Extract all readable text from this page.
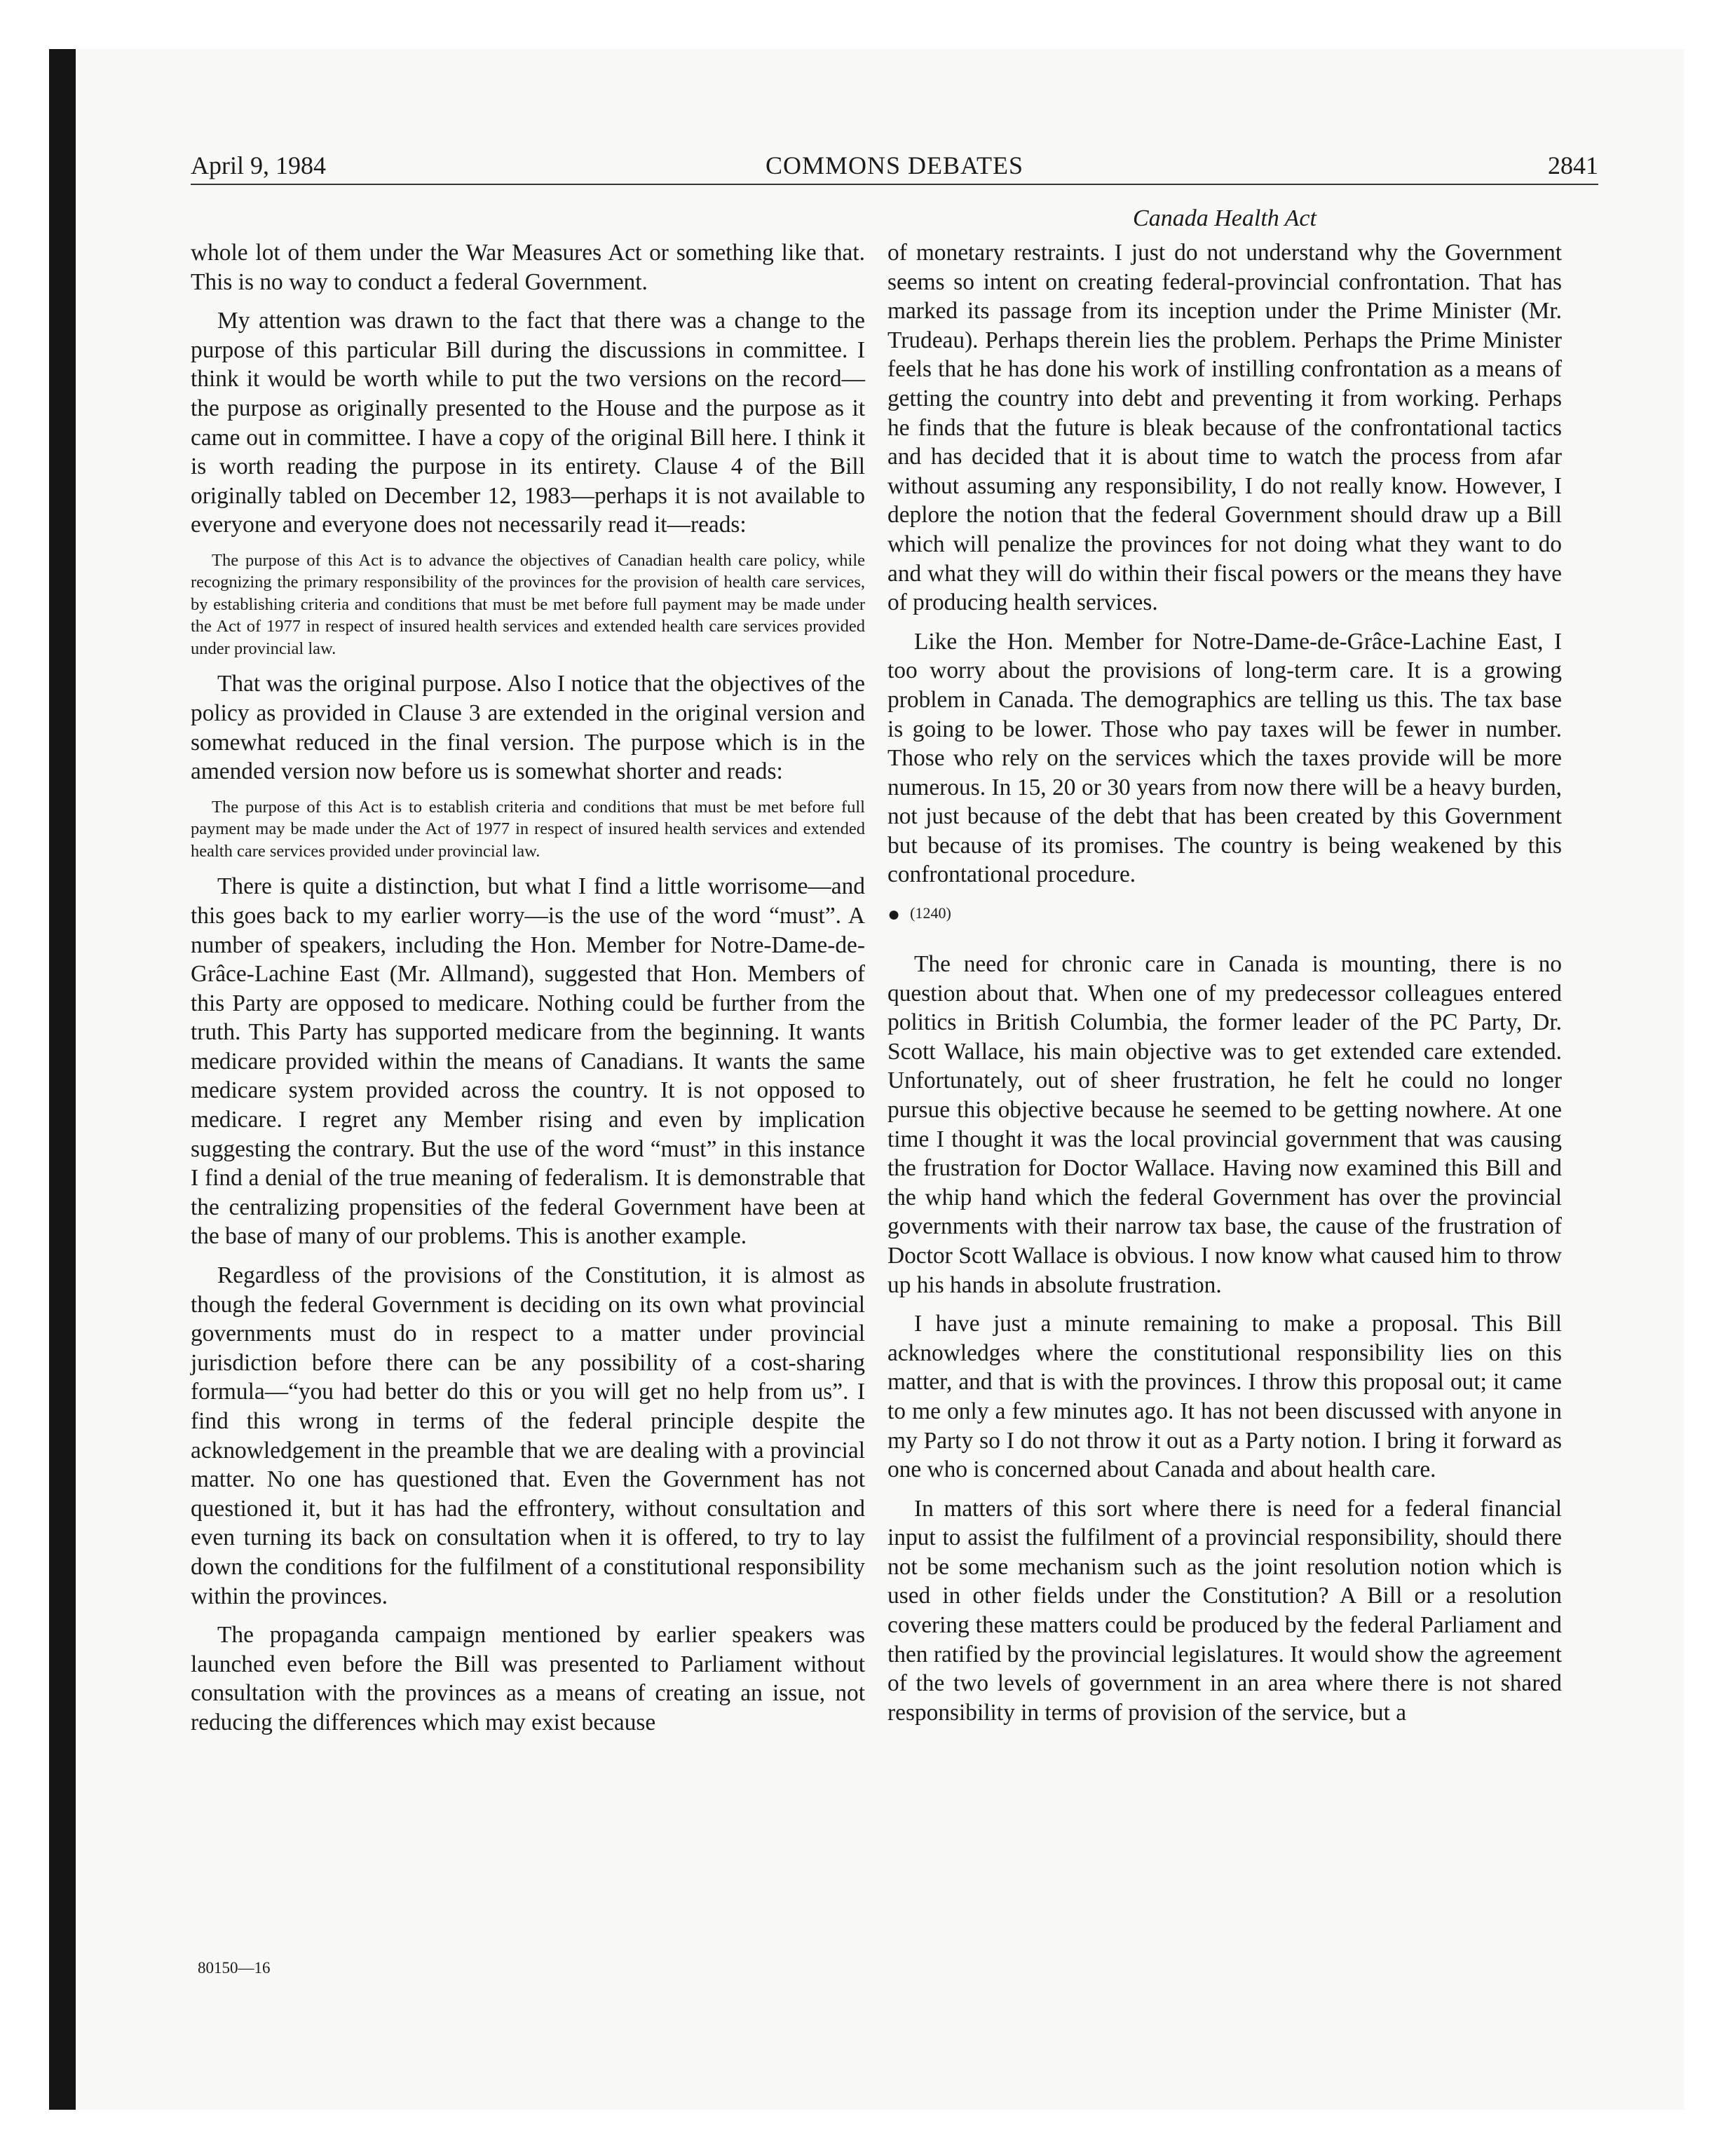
April 9, 1984	COMMONS DEBATES	2841
Canada Health Act

whole lot of them under the War Measures Act or something like that. This is no way to conduct a federal Government.

My attention was drawn to the fact that there was a change to the purpose of this particular Bill during the discussions in committee. I think it would be worth while to put the two versions on the record—the purpose as originally presented to the House and the purpose as it came out in committee. I have a copy of the original Bill here. I think it is worth reading the purpose in its entirety. Clause 4 of the Bill originally tabled on December 12, 1983—perhaps it is not available to everyone and everyone does not necessarily read it—reads:

The purpose of this Act is to advance the objectives of Canadian health care policy, while recognizing the primary responsibility of the provinces for the provision of health care services, by establishing criteria and conditions that must be met before full payment may be made under the Act of 1977 in respect of insured health services and extended health care services provided under provincial law.

That was the original purpose. Also I notice that the objectives of the policy as provided in Clause 3 are extended in the original version and somewhat reduced in the final version. The purpose which is in the amended version now before us is somewhat shorter and reads:

The purpose of this Act is to establish criteria and conditions that must be met before full payment may be made under the Act of 1977 in respect of insured health services and extended health care services provided under provincial law.

There is quite a distinction, but what I find a little worrisome—and this goes back to my earlier worry—is the use of the word “must”. A number of speakers, including the Hon. Member for Notre-Dame-de-Grâce-Lachine East (Mr. Allmand), suggested that Hon. Members of this Party are opposed to medicare. Nothing could be further from the truth. This Party has supported medicare from the beginning. It wants medicare provided within the means of Canadians. It wants the same medicare system provided across the country. It is not opposed to medicare. I regret any Member rising and even by implication suggesting the contrary. But the use of the word “must” in this instance I find a denial of the true meaning of federalism. It is demonstrable that the centralizing propensities of the federal Government have been at the base of many of our problems. This is another example.

Regardless of the provisions of the Constitution, it is almost as though the federal Government is deciding on its own what provincial governments must do in respect to a matter under provincial jurisdiction before there can be any possibility of a cost-sharing formula—“you had better do this or you will get no help from us”. I find this wrong in terms of the federal principle despite the acknowledgement in the preamble that we are dealing with a provincial matter. No one has questioned that. Even the Government has not questioned it, but it has had the effrontery, without consultation and even turning its back on consultation when it is offered, to try to lay down the conditions for the fulfilment of a constitutional responsibility within the provinces.

The propaganda campaign mentioned by earlier speakers was launched even before the Bill was presented to Parliament without consultation with the provinces as a means of creating an issue, not reducing the differences which may exist because

of monetary restraints. I just do not understand why the Government seems so intent on creating federal-provincial confrontation. That has marked its passage from its inception under the Prime Minister (Mr. Trudeau). Perhaps therein lies the problem. Perhaps the Prime Minister feels that he has done his work of instilling confrontation as a means of getting the country into debt and preventing it from working. Perhaps he finds that the future is bleak because of the confrontational tactics and has decided that it is about time to watch the process from afar without assuming any responsibility, I do not really know. However, I deplore the notion that the federal Government should draw up a Bill which will penalize the provinces for not doing what they want to do and what they will do within their fiscal powers or the means they have of producing health services.

Like the Hon. Member for Notre-Dame-de-Grâce-Lachine East, I too worry about the provisions of long-term care. It is a growing problem in Canada. The demographics are telling us this. The tax base is going to be lower. Those who pay taxes will be fewer in number. Those who rely on the services which the taxes provide will be more numerous. In 15, 20 or 30 years from now there will be a heavy burden, not just because of the debt that has been created by this Government but because of its promises. The country is being weakened by this confrontational procedure.

● (1240)

The need for chronic care in Canada is mounting, there is no question about that. When one of my predecessor colleagues entered politics in British Columbia, the former leader of the PC Party, Dr. Scott Wallace, his main objective was to get extended care extended. Unfortunately, out of sheer frustration, he felt he could no longer pursue this objective because he seemed to be getting nowhere. At one time I thought it was the local provincial government that was causing the frustration for Doctor Wallace. Having now examined this Bill and the whip hand which the federal Government has over the provincial governments with their narrow tax base, the cause of the frustration of Doctor Scott Wallace is obvious. I now know what caused him to throw up his hands in absolute frustration.

I have just a minute remaining to make a proposal. This Bill acknowledges where the constitutional responsibility lies on this matter, and that is with the provinces. I throw this proposal out; it came to me only a few minutes ago. It has not been discussed with anyone in my Party so I do not throw it out as a Party notion. I bring it forward as one who is concerned about Canada and about health care.

In matters of this sort where there is need for a federal financial input to assist the fulfilment of a provincial responsibility, should there not be some mechanism such as the joint resolution notion which is used in other fields under the Constitution? A Bill or a resolution covering these matters could be produced by the federal Parliament and then ratified by the provincial legislatures. It would show the agreement of the two levels of government in an area where there is not shared responsibility in terms of provision of the service, but a

80150—16
